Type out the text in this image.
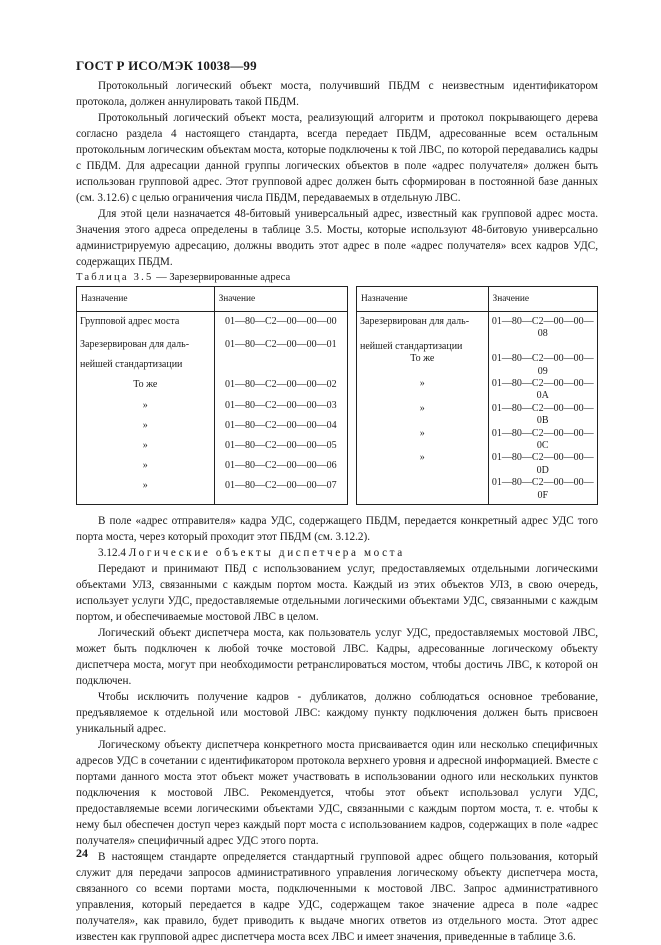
ГОСТ Р ИСО/МЭК 10038—99

Протокольный логический объект моста, получивший ПБДМ с неизвестным идентификатором протокола, должен аннулировать такой ПБДМ.

Протокольный логический объект моста, реализующий алгоритм и протокол покрывающего дерева согласно раздела 4 настоящего стандарта, всегда передает ПБДМ, адресованные всем остальным протокольным логическим объектам моста, которые подключены к той ЛВС, по которой передавались кадры с ПБДМ. Для адресации данной группы логических объектов в поле «адрес получателя» должен быть использован групповой адрес. Этот групповой адрес должен быть сформирован в постоянной базе данных (см. 3.12.6) с целью ограничения числа ПБДМ, передаваемых в отдельную ЛВС.

Для этой цели назначается 48-битовый универсальный адрес, известный как групповой адрес моста. Значения этого адреса определены в таблице 3.5. Мосты, которые используют 48-битовую универсально администрируемую адресацию, должны вводить этот адрес в поле «адрес получателя» всех кадров УДС, содержащих ПБДМ.

Таблица 3.5 — Зарезервированные адреса

Назначение	Значение
Групповой адрес моста	01—80—C2—00—00—00
Зарезервирован для даль-	01—80—C2—00—00—01
нейшей стандартизации	
То же	01—80—C2—00—00—02
»	01—80—C2—00—00—03
»	01—80—C2—00—00—04
»	01—80—C2—00—00—05
»	01—80—C2—00—00—06
»	01—80—C2—00—00—07
Назначение	Значение
Зарезервирован для даль-	01—80—C2—00—00—08
нейшей стандартизации	
То же	01—80—C2—00—00—09
»	01—80—C2—00—00—0A
»	01—80—C2—00—00—0B
»	01—80—C2—00—00—0C
»	01—80—C2—00—00—0D
	01—80—C2—00—00—0F

В поле «адрес отправителя» кадра УДС, содержащего ПБДМ, передается конкретный адрес УДС того порта моста, через который проходит этот ПБДМ (см. 3.12.2).

3.12.4 Логические объекты диспетчера моста

Передают и принимают ПБД с использованием услуг, предоставляемых отдельными логическими объектами УЛЗ, связанными с каждым портом моста. Каждый из этих объектов УЛЗ, в свою очередь, использует услуги УДС, предоставляемые отдельными логическими объектами УДС, связанными с каждым портом, и обеспечиваемые мостовой ЛВС в целом.

Логический объект диспетчера моста, как пользователь услуг УДС, предоставляемых мостовой ЛВС, может быть подключен к любой точке мостовой ЛВС. Кадры, адресованные логическому объекту диспетчера моста, могут при необходимости ретранслироваться мостом, чтобы достичь ЛВС, к которой он подключен.

Чтобы исключить получение кадров - дубликатов, должно соблюдаться основное требование, предъявляемое к отдельной или мостовой ЛВС: каждому пункту подключения должен быть присвоен уникальный адрес.

Логическому объекту диспетчера конкретного моста присваивается один или несколько специфичных адресов УДС в сочетании с идентификатором протокола верхнего уровня и адресной информацией. Вместе с портами данного моста этот объект может участвовать в использовании одного или нескольких пунктов подключения к мостовой ЛВС. Рекомендуется, чтобы этот объект использовал услуги УДС, предоставляемые всеми логическими объектами УДС, связанными с каждым портом моста, т. е. чтобы к нему был обеспечен доступ через каждый порт моста с использованием кадров, содержащих в поле «адрес получателя» специфичный адрес УДС этого порта.

В настоящем стандарте определяется стандартный групповой адрес общего пользования, который служит для передачи запросов административного управления логическому объекту диспетчера моста, связанного со всеми портами моста, подключенными к мостовой ЛВС. Запрос административного управления, который передается в кадре УДС, содержащем такое значение адреса в поле «адрес получателя», как правило, будет приводить к выдаче многих ответов из отдельного моста. Этот адрес известен как групповой адрес диспетчера моста всех ЛВС и имеет значения, приведенные в таблице 3.6.

24
